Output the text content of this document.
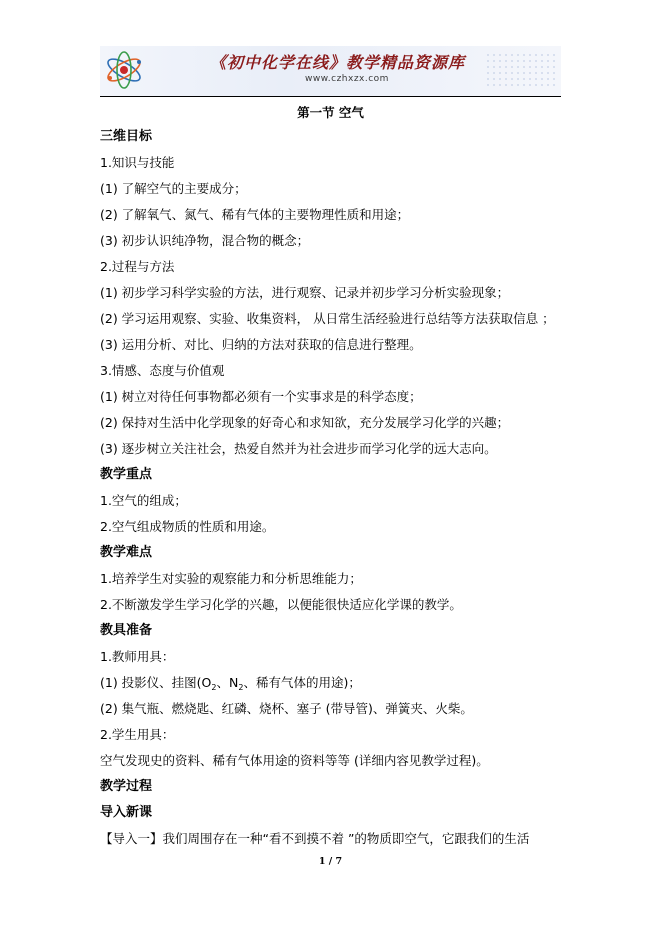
《初中化学在线》教学精品资源库
www.czhxzx.com
第一节 空气
三维目标
1.知识与技能
(1) 了解空气的主要成分；
(2) 了解氧气、氮气、稀有气体的主要物理性质和用途；
(3) 初步认识纯净物，混合物的概念；
2.过程与方法
(1) 初步学习科学实验的方法，进行观察、记录并初步学习分析实验现象；
(2) 学习运用观察、实验、收集资料， 从日常生活经验进行总结等方法获取信息 ；
(3) 运用分析、对比、归纳的方法对获取的信息进行整理。
3.情感、态度与价值观
(1) 树立对待任何事物都必须有一个实事求是的科学态度；
(2) 保持对生活中化学现象的好奇心和求知欲，充分发展学习化学的兴趣；
(3) 逐步树立关注社会，热爱自然并为社会进步而学习化学的远大志向。
教学重点
1.空气的组成；
2.空气组成物质的性质和用途。
教学难点
1.培养学生对实验的观察能力和分析思维能力；
2.不断激发学生学习化学的兴趣，以便能很快适应化学课的教学。
教具准备
1.教师用具：
(1) 投影仪、挂图($O_2$、$N_2$、稀有气体的用途)；
(2) 集气瓶、燃烧匙、红磷、烧杯、塞子 (带导管)、弹簧夹、火柴。
2.学生用具：
空气发现史的资料、稀有气体用途的资料等等 (详细内容见教学过程)。
教学过程
导入新课
【导入一】我们周围存在一种“看不到摸不着 ”的物质即空气，它跟我们的生活
1 / 7
